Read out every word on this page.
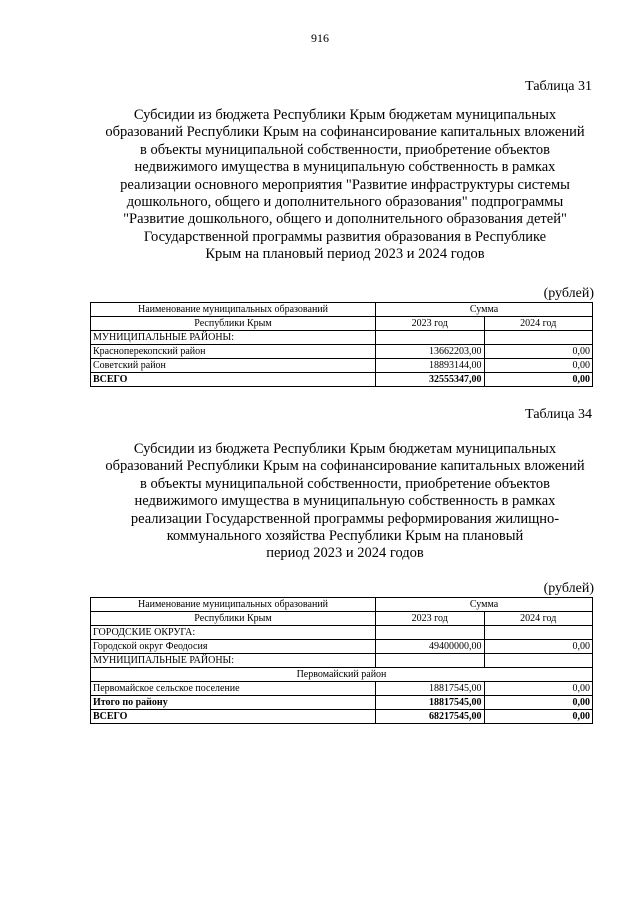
916
Таблица 31
Субсидии из бюджета Республики Крым бюджетам муниципальных
образований Республики Крым на софинансирование капитальных вложений
в объекты муниципальной собственности, приобретение объектов
недвижимого имущества в муниципальную собственность в рамках
реализации основного мероприятия "Развитие инфраструктуры системы
дошкольного, общего и дополнительного образования" подпрограммы
"Развитие дошкольного, общего и дополнительного образования детей"
Государственной программы развития образования в Республике
Крым на плановый период 2023 и 2024 годов
(рублей)
Наименование муниципальных образований	Сумма	
Республики Крым	2023 год	2024 год
МУНИЦИПАЛЬНЫЕ РАЙОНЫ:		
Красноперекопский район	13662203,00	0,00
Советский район	18893144,00	0,00
ВСЕГО	32555347,00	0,00
Таблица 34
Субсидии из бюджета Республики Крым бюджетам муниципальных
образований Республики Крым на софинансирование капитальных вложений
в объекты муниципальной собственности, приобретение объектов
недвижимого имущества в муниципальную собственность в рамках
реализации Государственной программы реформирования жилищно-
коммунального хозяйства Республики Крым на плановый
период 2023 и 2024 годов
(рублей)
Наименование муниципальных образований	Сумма	
Республики Крым	2023 год	2024 год
ГОРОДСКИЕ ОКРУГА:		
Городской округ Феодосия	49400000,00	0,00
МУНИЦИПАЛЬНЫЕ РАЙОНЫ:		
Первомайский район		
Первомайское сельское поселение	18817545,00	0,00
Итого по району	18817545,00	0,00
ВСЕГО	68217545,00	0,00
